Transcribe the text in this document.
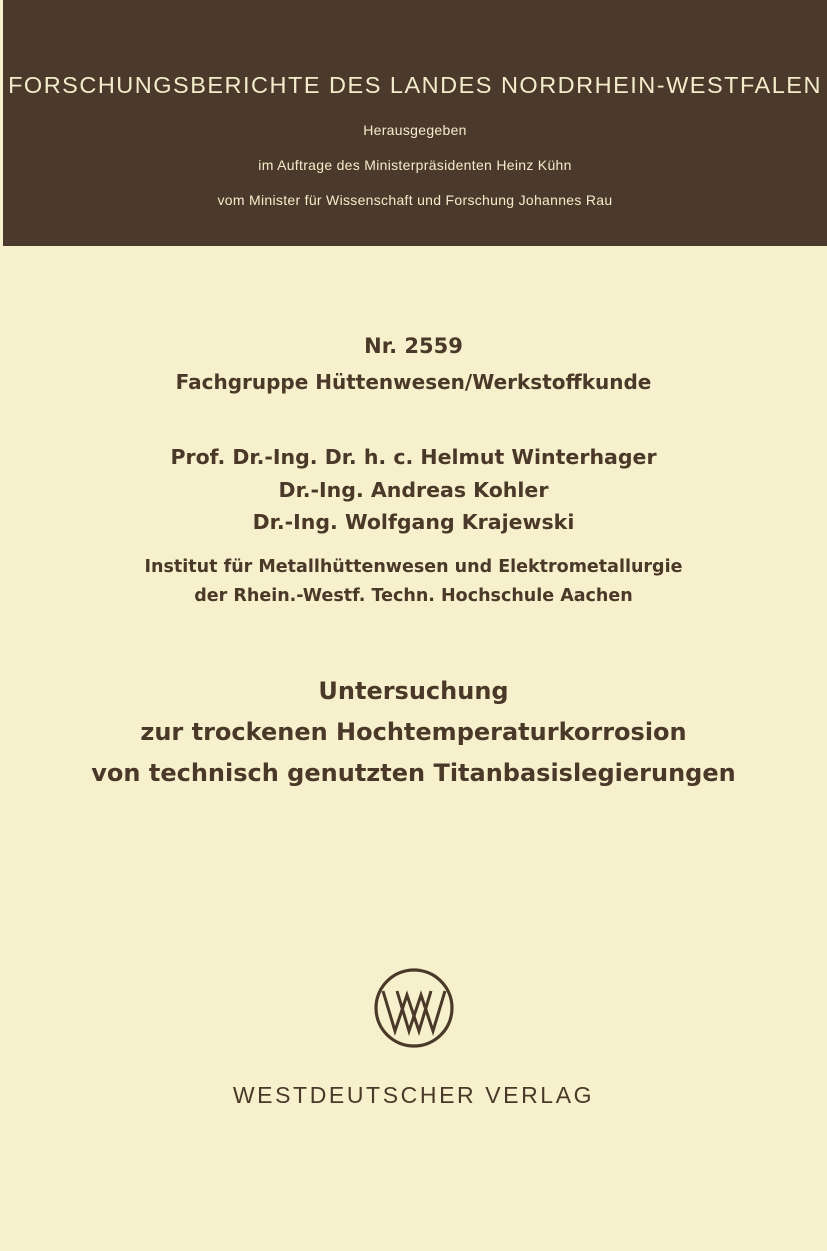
FORSCHUNGSBERICHTE DES LANDES NORDRHEIN-WESTFALEN
Herausgegeben
im Auftrage des Ministerpräsidenten Heinz Kühn
vom Minister für Wissenschaft und Forschung Johannes Rau
Nr. 2559
Fachgruppe Hüttenwesen/Werkstoffkunde
Prof. Dr.-Ing. Dr. h. c. Helmut Winterhager
Dr.-Ing. Andreas Kohler
Dr.-Ing. Wolfgang Krajewski
Institut für Metallhüttenwesen und Elektrometallurgie
der Rhein.-Westf. Techn. Hochschule Aachen
Untersuchung
zur trockenen Hochtemperaturkorrosion
von technisch genutzten Titanbasislegierungen
WESTDEUTSCHER VERLAG
